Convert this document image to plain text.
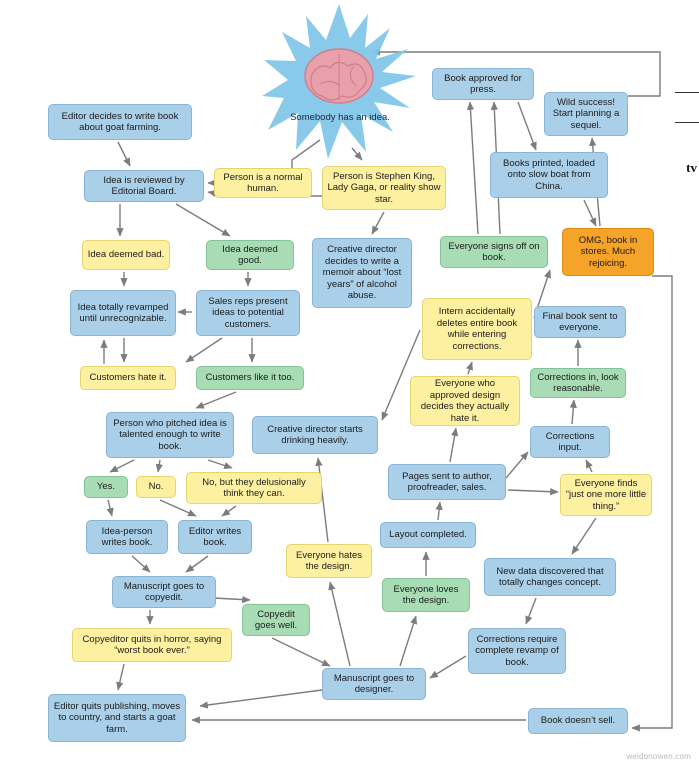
Somebody has an idea.
Editor decides to write book about goat farming.
Idea is reviewed by Editorial Board.
Person is a normal human.
Person is Stephen King, Lady Gaga, or reality show star.
Idea deemed bad.
Idea deemed good.
Creative director decides to write a memoir about “lost years” of alcohol abuse.
Idea totally revamped until unrecognizable.
Sales reps present ideas to potential customers.
Customers hate it.	Customers like it too.
Person who pitched idea is talented enough to write book.
Yes.	No.	No, but they delusionally think they can.
Idea-person writes book.
Editor writes book.
Manuscript goes to copyedit.
Copyeditor quits in horror, saying “worst book ever.”
Copyedit goes well.
Manuscript goes to designer.
Editor quits publishing, moves to country, and starts a goat farm.
Book doesn’t sell.
Everyone hates the design.
Everyone loves the design.
Layout completed.
Creative director starts drinking heavily.
Pages sent to author, proofreader, sales.
Everyone who approved design decides they actually hate it.
Intern accidentally deletes entire book while entering corrections.
New data discovered that totally changes concept.
Corrections require complete revamp of book.
Corrections input.
Corrections in, look reasonable.
Everyone finds “just one more little thing.”
Final book sent to everyone.
Everyone signs off on book.
OMG, book in stores. Much rejoicing.
Books printed, loaded onto slow boat from China.
Book approved for press.
Wild success! Start planning a sequel.
tv
weldonowen.com
